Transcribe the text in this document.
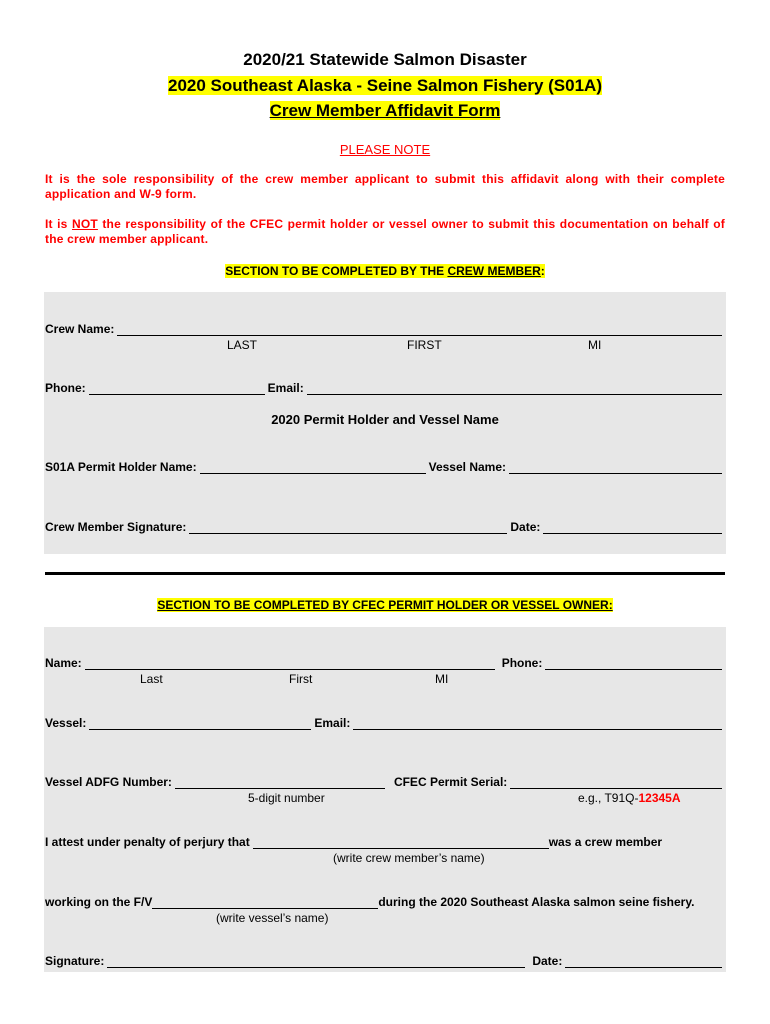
2020/21 Statewide Salmon Disaster
2020 Southeast Alaska - Seine Salmon Fishery (S01A)
Crew Member Affidavit Form
PLEASE NOTE
It is the sole responsibility of the crew member applicant to submit this affidavit along with their complete application and W-9 form.
It is NOT the responsibility of the CFEC permit holder or vessel owner to submit this documentation on behalf of the crew member applicant.
SECTION TO BE COMPLETED BY THE CREW MEMBER:
Crew Name:
LAST	FIRST	MI
Phone:	Email:
2020 Permit Holder and Vessel Name
S01A Permit Holder Name:	Vessel Name:
Crew Member Signature:	Date:
SECTION TO BE COMPLETED BY CFEC PERMIT HOLDER OR VESSEL OWNER:
Name:	Phone:
Last	First	MI
Vessel:	Email:
Vessel ADFG Number:	CFEC Permit Serial:
5-digit number	e.g., T91Q-12345A
I attest under penalty of perjury that	was a crew member
(write crew member’s name)
working on the F/V	during the 2020 Southeast Alaska salmon seine fishery.
(write vessel’s name)
Signature:	Date:
